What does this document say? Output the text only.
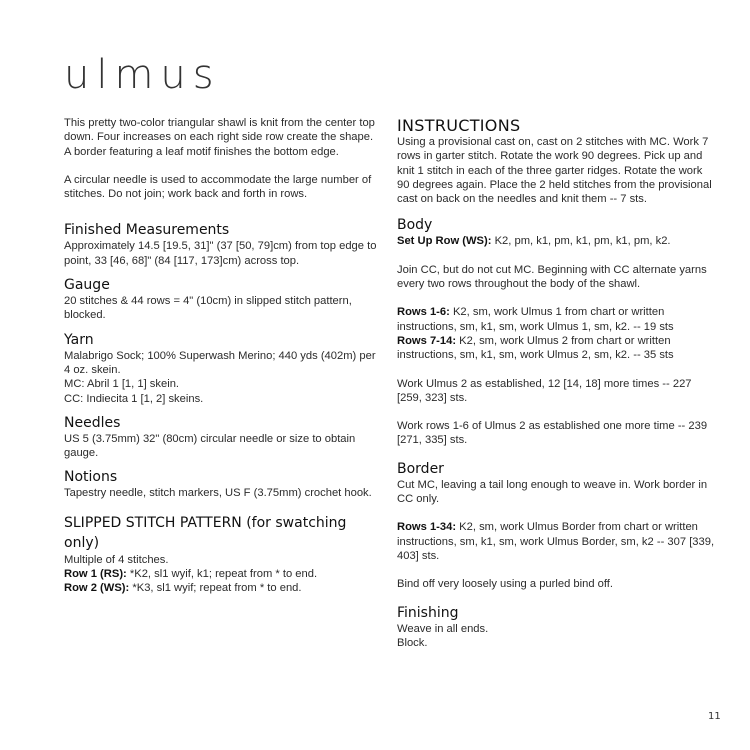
ulmus

This pretty two-color triangular shawl is knit from the center top down. Four increases on each right side row create the shape. A border featuring a leaf motif finishes the bottom edge.

A circular needle is used to accommodate the large number of stitches. Do not join; work back and forth in rows.

Finished Measurements

Approximately 14.5 [19.5, 31]" (37 [50, 79]cm) from top edge to point, 33 [46, 68]" (84 [117, 173]cm) across top.

Gauge

20 stitches & 44 rows = 4" (10cm) in slipped stitch pattern, blocked.

Yarn

Malabrigo Sock; 100% Superwash Merino; 440 yds (402m) per 4 oz. skein.

MC: Abril 1 [1, 1] skein.

CC: Indiecita 1 [1, 2] skeins.

Needles

US 5 (3.75mm) 32" (80cm) circular needle or size to obtain gauge.

Notions

Tapestry needle, stitch markers, US F (3.75mm) crochet hook.

SLIPPED STITCH PATTERN (for swatching only)

Multiple of 4 stitches.

Row 1 (RS): *K2, sl1 wyif, k1; repeat from * to end.

Row 2 (WS): *K3, sl1 wyif; repeat from * to end.

INSTRUCTIONS

Using a provisional cast on, cast on 2 stitches with MC. Work 7 rows in garter stitch. Rotate the work 90 degrees. Pick up and knit 1 stitch in each of the three garter ridges. Rotate the work 90 degrees again. Place the 2 held stitches from the provisional cast on back on the needles and knit them -- 7 sts.

Body

Set Up Row (WS): K2, pm, k1, pm, k1, pm, k1, pm, k2.

Join CC, but do not cut MC. Beginning with CC alternate yarns every two rows throughout the body of the shawl.

Rows 1-6: K2, sm, work Ulmus 1 from chart or written instructions, sm, k1, sm, work Ulmus 1, sm, k2. -- 19 sts

Rows 7-14: K2, sm, work Ulmus 2 from chart or written instructions, sm, k1, sm, work Ulmus 2, sm, k2. -- 35 sts

Work Ulmus 2 as established, 12 [14, 18] more times -- 227 [259, 323] sts.

Work rows 1-6 of Ulmus 2 as established one more time -- 239 [271, 335] sts.

Border

Cut MC, leaving a tail long enough to weave in. Work border in CC only.

Rows 1-34: K2, sm, work Ulmus Border from chart or written instructions, sm, k1, sm, work Ulmus Border, sm, k2 -- 307 [339, 403] sts.

Bind off very loosely using a purled bind off.

Finishing

Weave in all ends.

Block.

11
